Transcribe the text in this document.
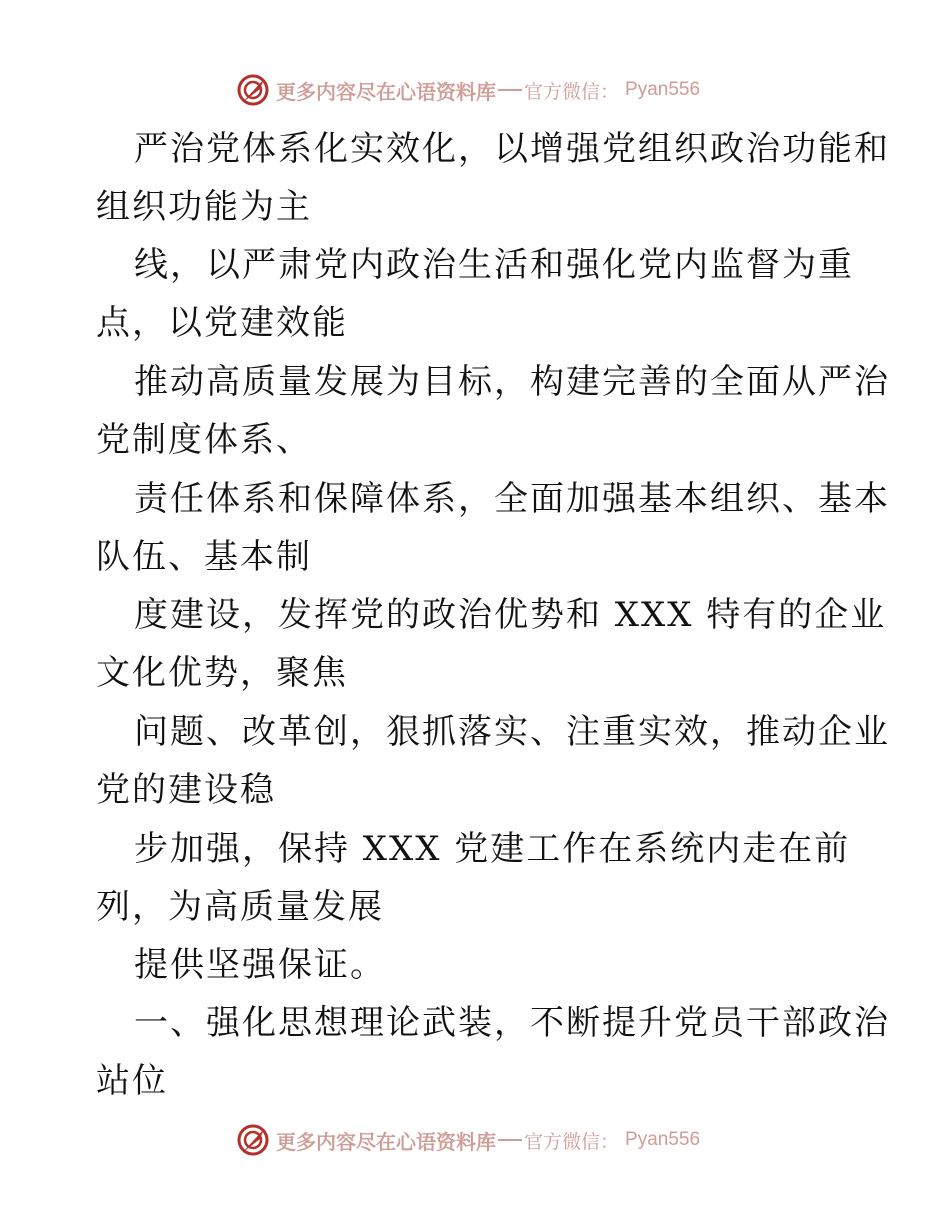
更多内容尽在心语资料库 官方微信： Pyan556
严治党体系化实效化，以增强党组织政治功能和
组织功能为主
线，以严肃党内政治生活和强化党内监督为重
点，以党建效能
推动高质量发展为目标，构建完善的全面从严治
党制度体系、
责任体系和保障体系，全面加强基本组织、基本
队伍、基本制
度建设，发挥党的政治优势和 XXX 特有的企业
文化优势，聚焦
问题、改革创，狠抓落实、注重实效，推动企业
党的建设稳
步加强，保持 XXX 党建工作在系统内走在前
列，为高质量发展
提供坚强保证。
一、强化思想理论武装，不断提升党员干部政治
站位
更多内容尽在心语资料库 官方微信： Pyan556
